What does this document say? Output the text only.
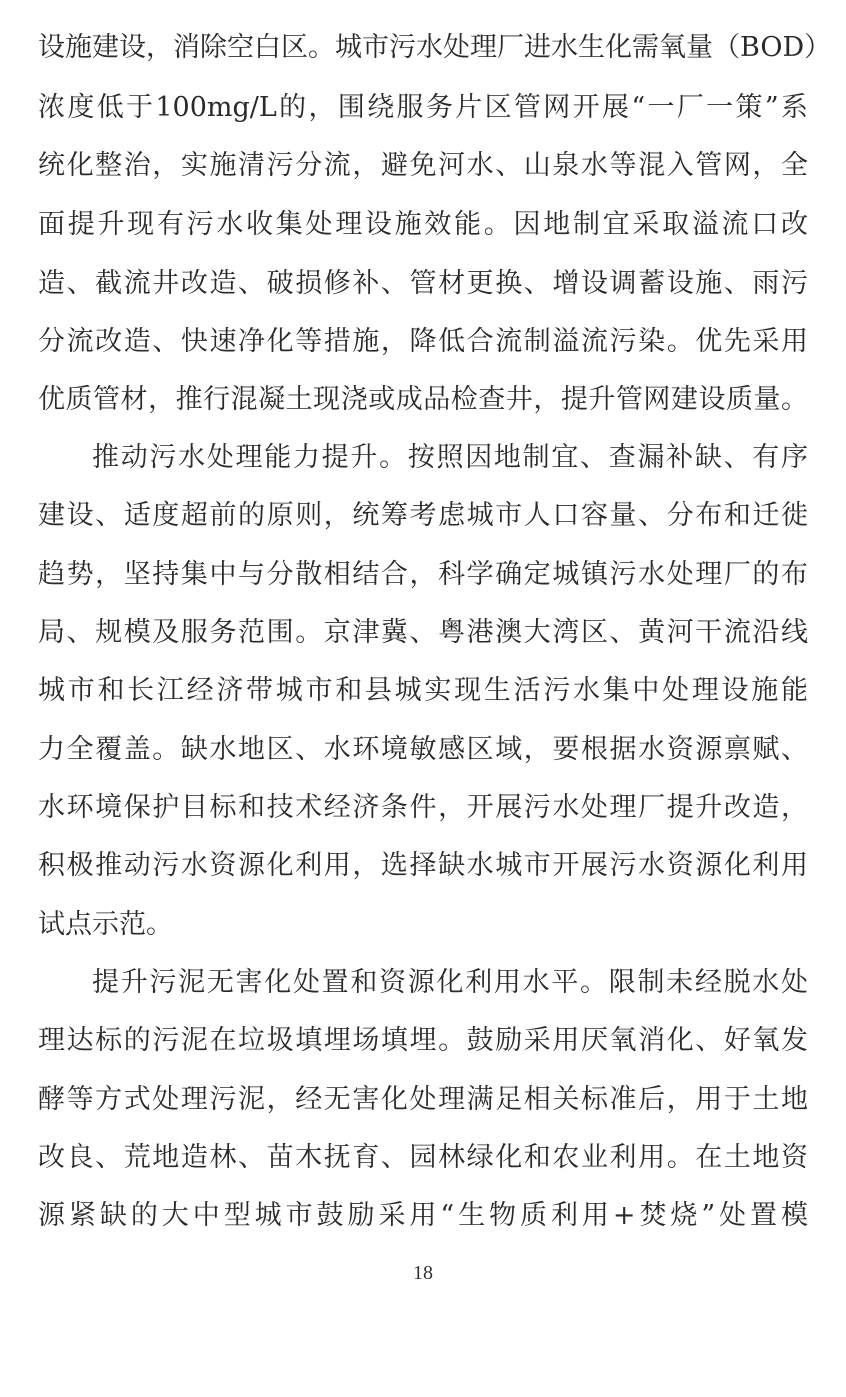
设施建设，消除空白区。城市污水处理厂进水生化需氧量（BOD）
浓度低于100mg/L的，围绕服务片区管网开展“一厂一策”系
统化整治，实施清污分流，避免河水、山泉水等混入管网，全
面提升现有污水收集处理设施效能。因地制宜采取溢流口改
造、截流井改造、破损修补、管材更换、增设调蓄设施、雨污
分流改造、快速净化等措施，降低合流制溢流污染。优先采用
优质管材，推行混凝土现浇或成品检查井，提升管网建设质量。
推动污水处理能力提升。按照因地制宜、查漏补缺、有序
建设、适度超前的原则，统筹考虑城市人口容量、分布和迁徙
趋势，坚持集中与分散相结合，科学确定城镇污水处理厂的布
局、规模及服务范围。京津冀、粤港澳大湾区、黄河干流沿线
城市和长江经济带城市和县城实现生活污水集中处理设施能
力全覆盖。缺水地区、水环境敏感区域，要根据水资源禀赋、
水环境保护目标和技术经济条件，开展污水处理厂提升改造，
积极推动污水资源化利用，选择缺水城市开展污水资源化利用
试点示范。
提升污泥无害化处置和资源化利用水平。限制未经脱水处
理达标的污泥在垃圾填埋场填埋。鼓励采用厌氧消化、好氧发
酵等方式处理污泥，经无害化处理满足相关标准后，用于土地
改良、荒地造林、苗木抚育、园林绿化和农业利用。在土地资
源紧缺的大中型城市鼓励采用“生物质利用+焚烧”处置模
18
